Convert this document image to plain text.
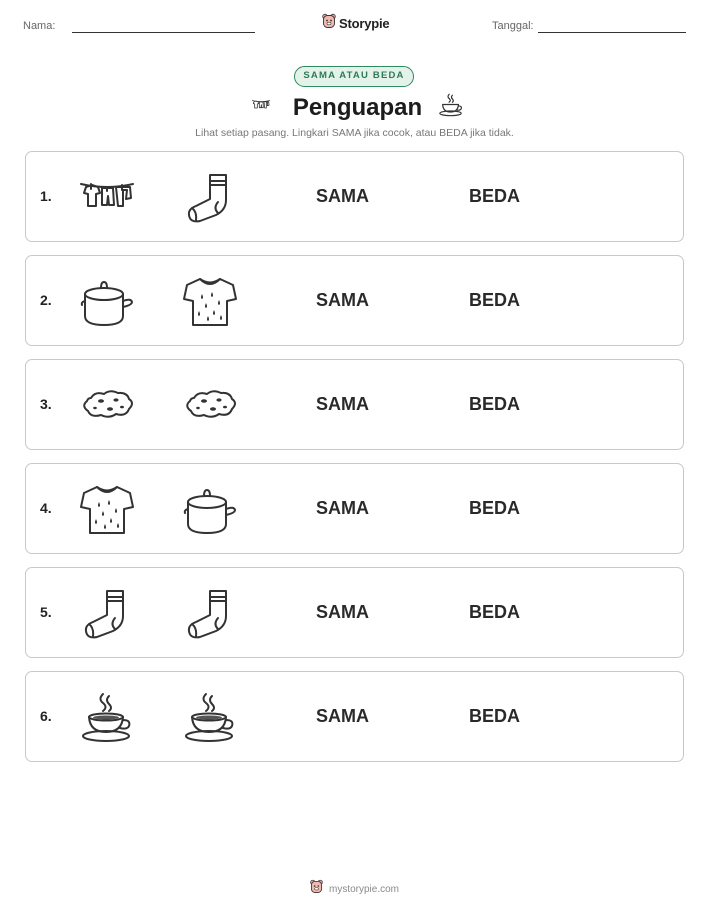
Nama:	Storypie	Tanggal:
SAMA ATAU BEDA
Penguapan
Lihat setiap pasang. Lingkari SAMA jika cocok, atau BEDA jika tidak.
1.	SAMA	BEDA
2.	SAMA	BEDA
3.	SAMA	BEDA
4.	SAMA	BEDA
5.	SAMA	BEDA
6.	SAMA	BEDA
mystorypie.com
